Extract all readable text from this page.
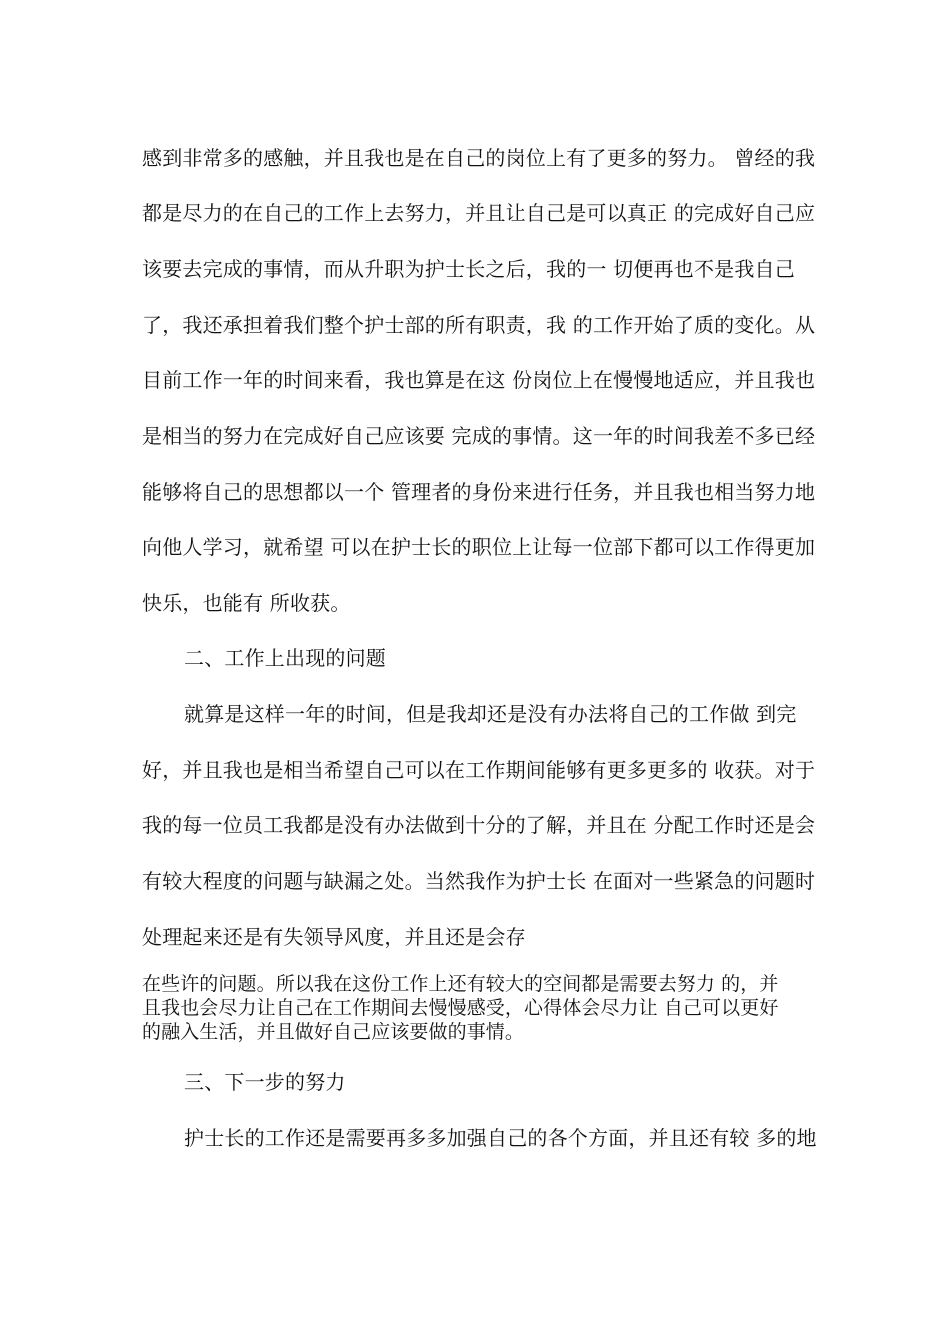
感到非常多的感触，并且我也是在自己的岗位上有了更多的努力。 曾经的我
都是尽力的在自己的工作上去努力，并且让自己是可以真正 的完成好自己应
该要去完成的事情，而从升职为护士长之后，我的一 切便再也不是我自己
了，我还承担着我们整个护士部的所有职责，我 的工作开始了质的变化。从
目前工作一年的时间来看，我也算是在这 份岗位上在慢慢地适应，并且我也
是相当的努力在完成好自己应该要 完成的事情。这一年的时间我差不多已经
能够将自己的思想都以一个 管理者的身份来进行任务，并且我也相当努力地
向他人学习，就希望 可以在护士长的职位上让每一位部下都可以工作得更加
快乐，也能有 所收获。
二、工作上出现的问题
就算是这样一年的时间，但是我却还是没有办法将自己的工作做 到完
好，并且我也是相当希望自己可以在工作期间能够有更多更多的 收获。对于
我的每一位员工我都是没有办法做到十分的了解，并且在 分配工作时还是会
有较大程度的问题与缺漏之处。当然我作为护士长 在面对一些紧急的问题时
处理起来还是有失领导风度，并且还是会存
在些许的问题。所以我在这份工作上还有较大的空间都是需要去努力 的，并
且我也会尽力让自己在工作期间去慢慢感受，心得体会尽力让 自己可以更好
的融入生活，并且做好自己应该要做的事情。
三、下一步的努力
护士长的工作还是需要再多多加强自己的各个方面，并且还有较 多的地
